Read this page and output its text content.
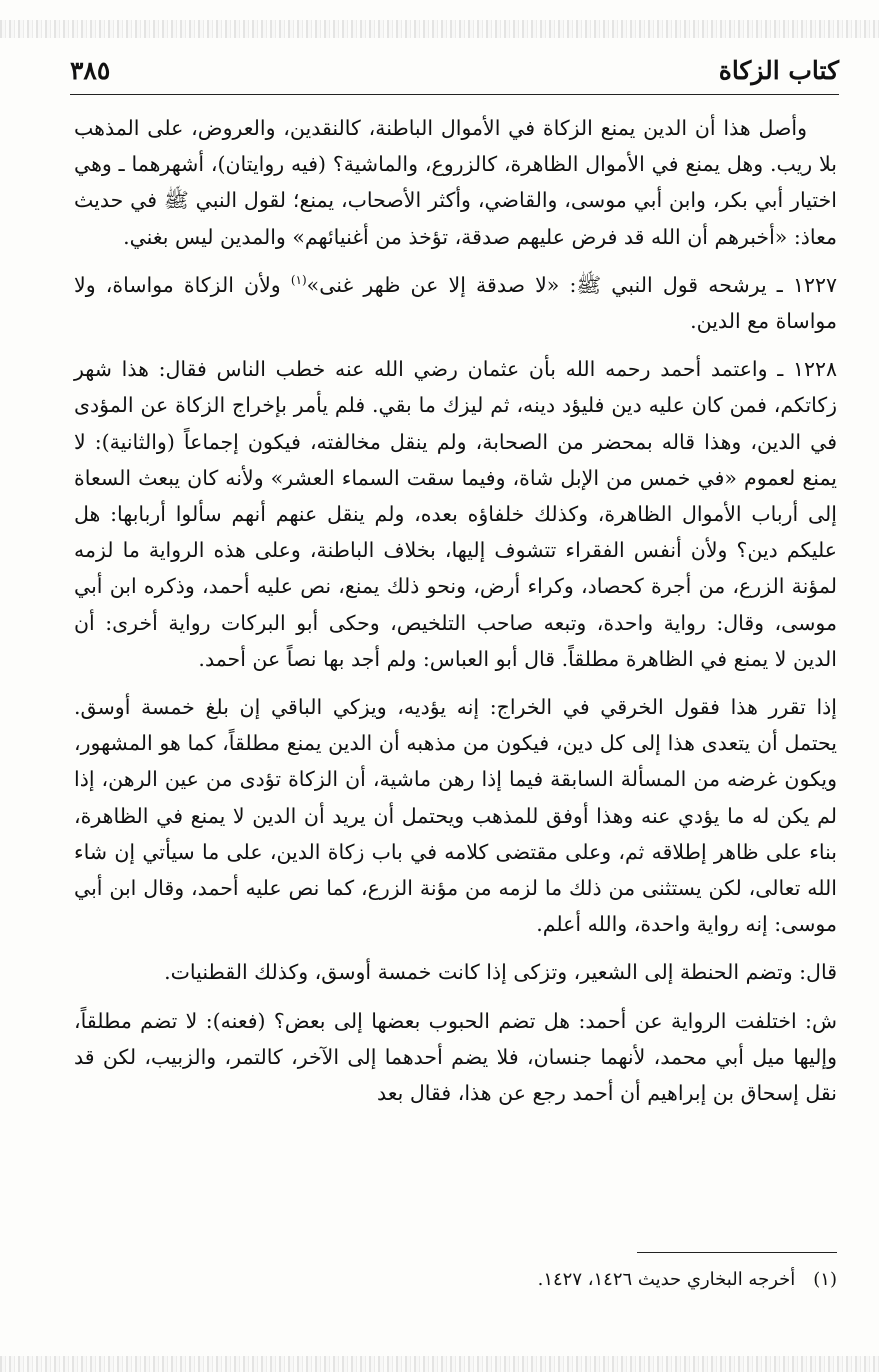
كتاب الزكاة
٣٨٥

وأصل هذا أن الدين يمنع الزكاة في الأموال الباطنة، كالنقدين، والعروض، على المذهب بلا ريب. وهل يمنع في الأموال الظاهرة، كالزروع، والماشية؟ (فيه روايتان)، أشهرهما ـ وهي اختيار أبي بكر، وابن أبي موسى، والقاضي، وأكثر الأصحاب، يمنع؛ لقول النبي ﷺ في حديث معاذ: «أخبرهم أن الله قد فرض عليهم صدقة، تؤخذ من أغنيائهم» والمدين ليس بغني.

١٢٢٧ ـ يرشحه قول النبي ﷺ: «لا صدقة إلا عن ظهر غنى»$^{(١)}$ ولأن الزكاة مواساة، ولا مواساة مع الدين.

١٢٢٨ ـ واعتمد أحمد رحمه الله بأن عثمان رضي الله عنه خطب الناس فقال: هذا شهر زكاتكم، فمن كان عليه دين فليؤد دينه، ثم ليزك ما بقي. فلم يأمر بإخراج الزكاة عن المؤدى في الدين، وهذا قاله بمحضر من الصحابة، ولم ينقل مخالفته، فيكون إجماعاً (والثانية): لا يمنع لعموم «في خمس من الإبل شاة، وفيما سقت السماء العشر» ولأنه كان يبعث السعاة إلى أرباب الأموال الظاهرة، وكذلك خلفاؤه بعده، ولم ينقل عنهم أنهم سألوا أربابها: هل عليكم دين؟ ولأن أنفس الفقراء تتشوف إليها، بخلاف الباطنة، وعلى هذه الرواية ما لزمه لمؤنة الزرع، من أجرة كحصاد، وكراء أرض، ونحو ذلك يمنع، نص عليه أحمد، وذكره ابن أبي موسى، وقال: رواية واحدة، وتبعه صاحب التلخيص، وحكى أبو البركات رواية أخرى: أن الدين لا يمنع في الظاهرة مطلقاً. قال أبو العباس: ولم أجد بها نصاً عن أحمد.

إذا تقرر هذا فقول الخرقي في الخراج: إنه يؤديه، ويزكي الباقي إن بلغ خمسة أوسق. يحتمل أن يتعدى هذا إلى كل دين، فيكون من مذهبه أن الدين يمنع مطلقاً، كما هو المشهور، ويكون غرضه من المسألة السابقة فيما إذا رهن ماشية، أن الزكاة تؤدى من عين الرهن، إذا لم يكن له ما يؤدي عنه وهذا أوفق للمذهب ويحتمل أن يريد أن الدين لا يمنع في الظاهرة، بناء على ظاهر إطلاقه ثم، وعلى مقتضى كلامه في باب زكاة الدين، على ما سيأتي إن شاء الله تعالى، لكن يستثنى من ذلك ما لزمه من مؤنة الزرع، كما نص عليه أحمد، وقال ابن أبي موسى: إنه رواية واحدة، والله أعلم.

قال: وتضم الحنطة إلى الشعير، وتزكى إذا كانت خمسة أوسق، وكذلك القطنيات.

ش: اختلفت الرواية عن أحمد: هل تضم الحبوب بعضها إلى بعض؟ (فعنه): لا تضم مطلقاً، وإليها ميل أبي محمد، لأنهما جنسان، فلا يضم أحدهما إلى الآخر، كالتمر، والزبيب، لكن قد نقل إسحاق بن إبراهيم أن أحمد رجع عن هذا، فقال بعد

(١)أخرجه البخاري حديث ١٤٢٦، ١٤٢٧.
